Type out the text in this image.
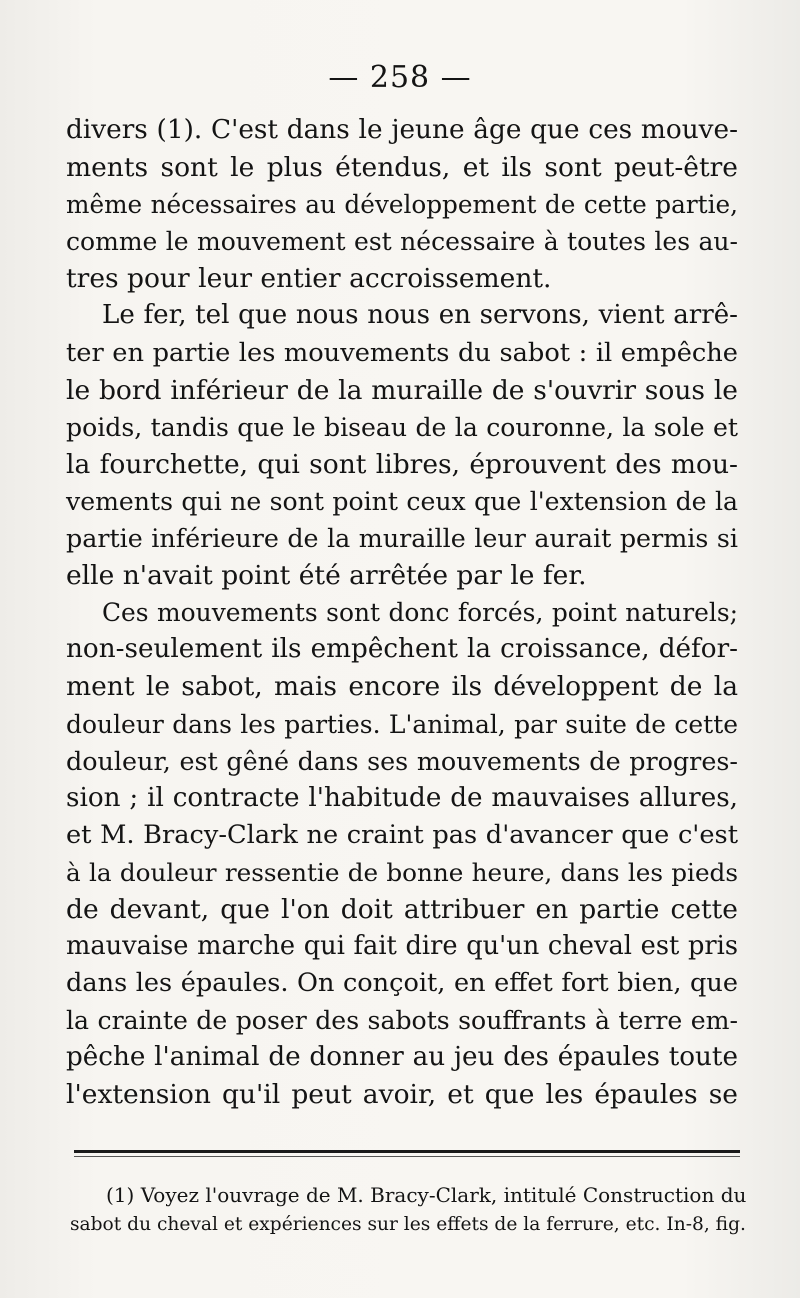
— 258 —
divers (1). C'est dans le jeune âge que ces mouve-
ments sont le plus étendus, et ils sont peut-être
même nécessaires au développement de cette partie,
comme le mouvement est nécessaire à toutes les au-
tres pour leur entier accroissement.
Le fer, tel que nous nous en servons, vient arrê-
ter en partie les mouvements du sabot : il empêche
le bord inférieur de la muraille de s'ouvrir sous le
poids, tandis que le biseau de la couronne, la sole et
la fourchette, qui sont libres, éprouvent des mou-
vements qui ne sont point ceux que l'extension de la
partie inférieure de la muraille leur aurait permis si
elle n'avait point été arrêtée par le fer.
Ces mouvements sont donc forcés, point naturels;
non-seulement ils empêchent la croissance, défor-
ment le sabot, mais encore ils développent de la
douleur dans les parties. L'animal, par suite de cette
douleur, est gêné dans ses mouvements de progres-
sion ; il contracte l'habitude de mauvaises allures,
et M. Bracy-Clark ne craint pas d'avancer que c'est
à la douleur ressentie de bonne heure, dans les pieds
de devant, que l'on doit attribuer en partie cette
mauvaise marche qui fait dire qu'un cheval est pris
dans les épaules. On conçoit, en effet fort bien, que
la crainte de poser des sabots souffrants à terre em-
pêche l'animal de donner au jeu des épaules toute
l'extension qu'il peut avoir, et que les épaules se
(1) Voyez l'ouvrage de M. Bracy-Clark, intitulé Construction du
sabot du cheval et expériences sur les effets de la ferrure, etc. In-8, fig.
